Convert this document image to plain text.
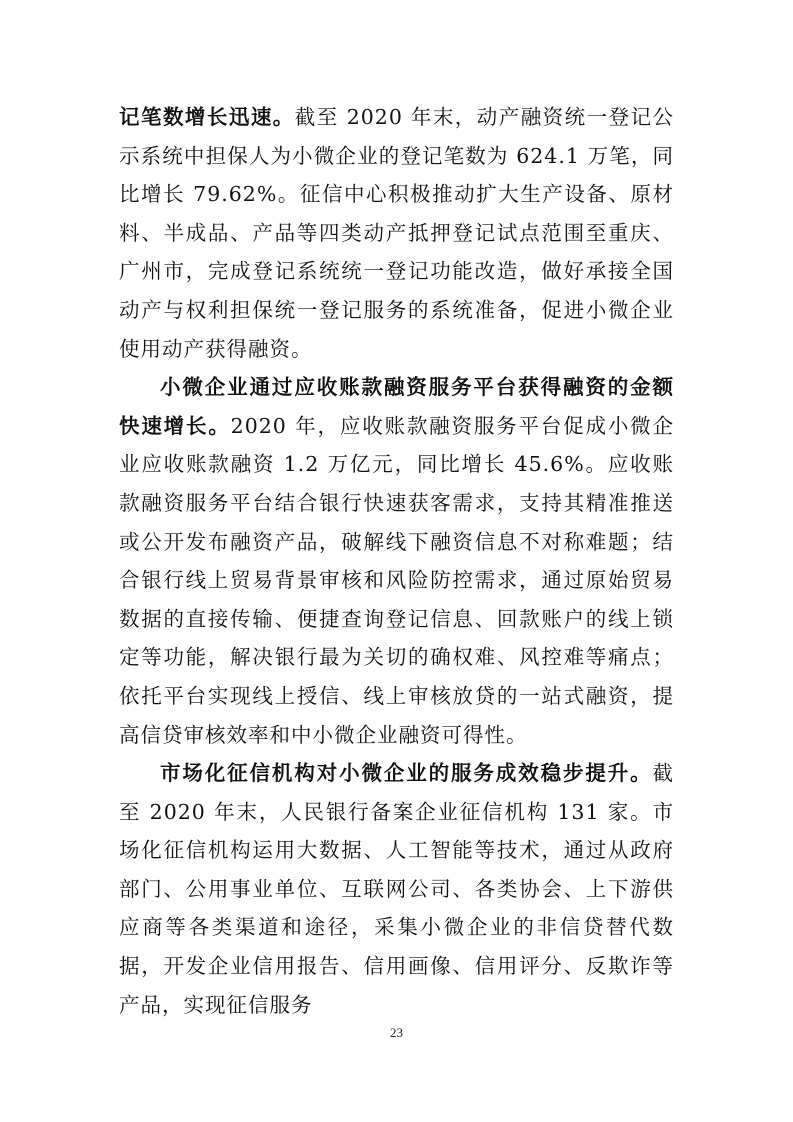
记笔数增长迅速。截至 2020 年末，动产融资统一登记公示系统中担保人为小微企业的登记笔数为 624.1 万笔，同比增长 79.62%。征信中心积极推动扩大生产设备、原材料、半成品、产品等四类动产抵押登记试点范围至重庆、广州市，完成登记系统统一登记功能改造，做好承接全国动产与权利担保统一登记服务的系统准备，促进小微企业使用动产获得融资。

小微企业通过应收账款融资服务平台获得融资的金额快速增长。2020 年，应收账款融资服务平台促成小微企业应收账款融资 1.2 万亿元，同比增长 45.6%。应收账款融资服务平台结合银行快速获客需求，支持其精准推送或公开发布融资产品，破解线下融资信息不对称难题；结合银行线上贸易背景审核和风险防控需求，通过原始贸易数据的直接传输、便捷查询登记信息、回款账户的线上锁定等功能，解决银行最为关切的确权难、风控难等痛点；依托平台实现线上授信、线上审核放贷的一站式融资，提高信贷审核效率和中小微企业融资可得性。

市场化征信机构对小微企业的服务成效稳步提升。截至 2020 年末，人民银行备案企业征信机构 131 家。市场化征信机构运用大数据、人工智能等技术，通过从政府部门、公用事业单位、互联网公司、各类协会、上下游供应商等各类渠道和途径，采集小微企业的非信贷替代数据，开发企业信用报告、信用画像、信用评分、反欺诈等产品，实现征信服务

23
